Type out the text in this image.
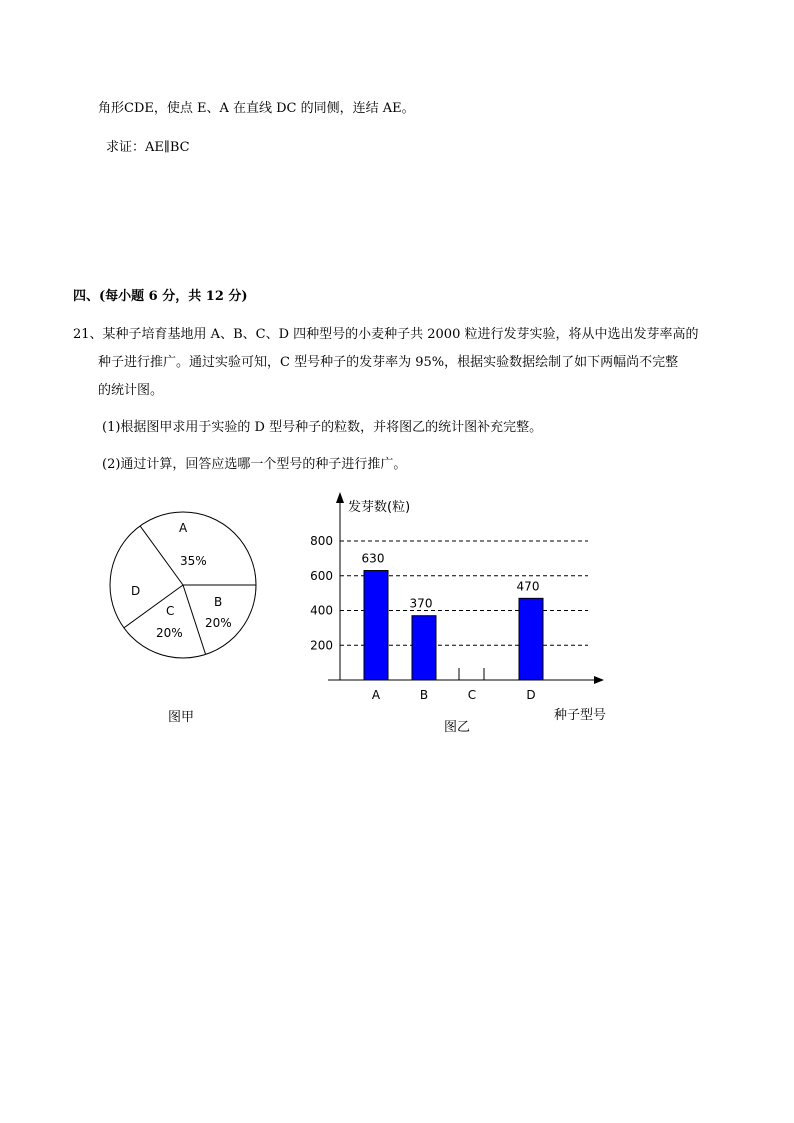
角形CDE，使点 E、A 在直线 DC 的同侧，连结 AE。
求证：AE∥BC
四、(每小题 6 分，共 12 分)
21、某种子培育基地用 A、B、C、D 四种型号的小麦种子共 2000 粒进行发芽实验，将从中选出发芽率高的
种子进行推广。通过实验可知，C 型号种子的发芽率为 95%，根据实验数据绘制了如下两幅尚不完整
的统计图。
(1)根据图甲求用于实验的 D 型号种子的粒数，并将图乙的统计图补充完整。
(2)通过计算，回答应选哪一个型号的种子进行推广。
A
35%
B
20%
C
20%
D
图甲
200
400
600
800
630
370
470
A	B	C	D
发芽数(粒)
种子型号
图乙
